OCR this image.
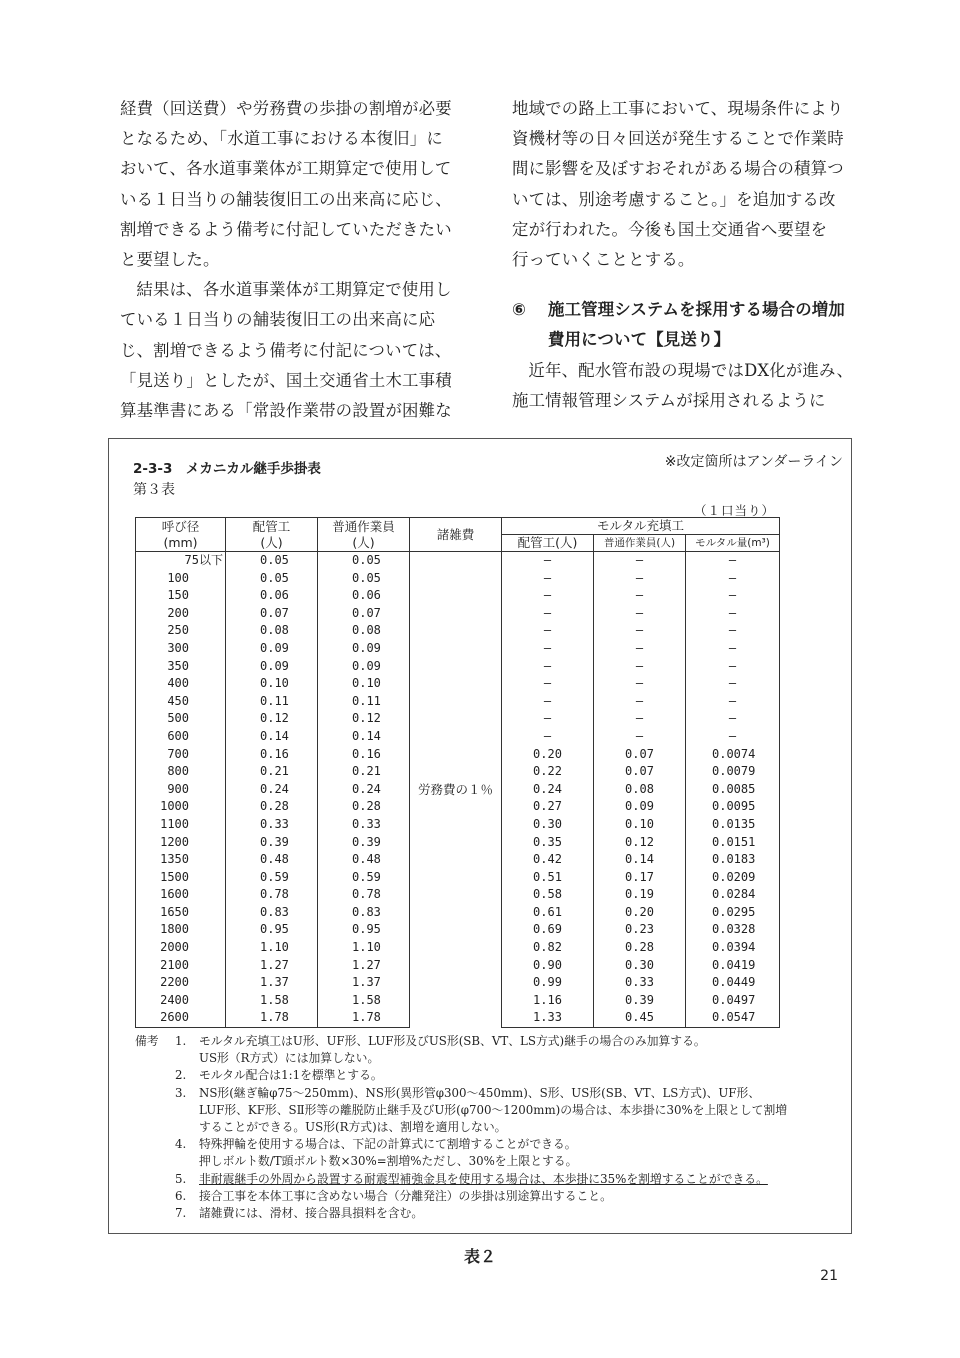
経費（回送費）や労務費の歩掛の割増が必要

となるため、「水道工事における本復旧」に

おいて、各水道事業体が工期算定で使用して

いる１日当りの舗装復旧工の出来高に応じ、

割増できるよう備考に付記していただきたい

と要望した。

結果は、各水道事業体が工期算定で使用し

ている１日当りの舗装復旧工の出来高に応

じ、割増できるよう備考に付記については、

「見送り」としたが、国土交通省土木工事積

算基準書にある「常設作業帯の設置が困難な

地域での路上工事において、現場条件により

資機材等の日々回送が発生することで作業時

間に影響を及ぼすおそれがある場合の積算つ

いては、別途考慮すること。」を追加する改

定が行われた。今後も国土交通省へ要望を

行っていくこととする。

⑥	施工管理システムを採用する場合の増加

費用について【見送り】

近年、配水管布設の現場ではDX化が進み、

施工情報管理システムが採用されるように

2-3-3　メカニカル継手歩掛表	※改定箇所はアンダーライン
第３表
（１口当り）
呼び径
(mm)	配管工
(人)	普通作業員
(人)	諸雑費	モルタル充填工		
				配管工(人)	普通作業員(人)	モルタル量(m³)
75以下	0.05	0.05	労務費の１％	―	―	―
100	0.05	0.05		―	―	―
150	0.06	0.06		―	―	―
200	0.07	0.07		―	―	―
250	0.08	0.08		―	―	―
300	0.09	0.09		―	―	―
350	0.09	0.09		―	―	―
400	0.10	0.10		―	―	―
450	0.11	0.11		―	―	―
500	0.12	0.12		―	―	―
600	0.14	0.14		―	―	―
700	0.16	0.16		0.20	0.07	0.0074
800	0.21	0.21		0.22	0.07	0.0079
900	0.24	0.24		0.24	0.08	0.0085
1000	0.28	0.28		0.27	0.09	0.0095
1100	0.33	0.33		0.30	0.10	0.0135
1200	0.39	0.39		0.35	0.12	0.0151
1350	0.48	0.48		0.42	0.14	0.0183
1500	0.59	0.59		0.51	0.17	0.0209
1600	0.78	0.78		0.58	0.19	0.0284
1650	0.83	0.83		0.61	0.20	0.0295
1800	0.95	0.95		0.69	0.23	0.0328
2000	1.10	1.10		0.82	0.28	0.0394
2100	1.27	1.27		0.90	0.30	0.0419
2200	1.37	1.37		0.99	0.33	0.0449
2400	1.58	1.58		1.16	0.39	0.0497
2600	1.78	1.78		1.33	0.45	0.0547
備考	1.	モルタル充填工はU形、UF形、LUF形及びUS形(SB、VT、LS方式)継手の場合のみ加算する。
US形（R方式）には加算しない。
2.	モルタル配合は1:1を標準とする。
3.	NS形(継ぎ輪φ75～250mm)、NS形(異形管φ300～450mm)、S形、US形(SB、VT、LS方式)、UF形、
LUF形、KF形、SⅡ形等の離脱防止継手及びU形(φ700～1200mm)の場合は、本歩掛に30%を上限として割増
することができる。US形(R方式)は、割増を適用しない。
4.	特殊押輪を使用する場合は、下記の計算式にて割増することができる。
押しボルト数/T頭ボルト数×30%=割増%ただし、30%を上限とする。
5.	非耐震継手の外周から設置する耐震型補強金具を使用する場合は、本歩掛に35%を割増することができる。
6.	接合工事を本体工事に含めない場合（分離発注）の歩掛は別途算出すること。
7.	諸雑費には、滑材、接合器具損料を含む。
表２
21
